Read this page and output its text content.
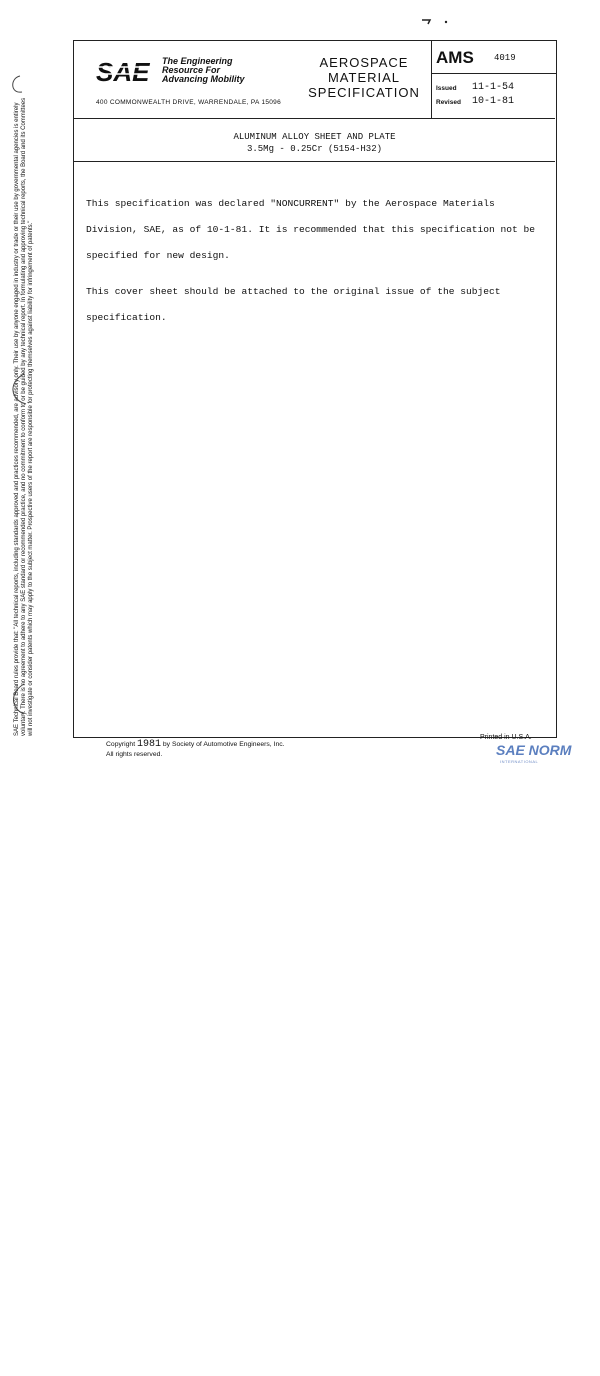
SAE The Engineering
Resource For
Advancing Mobility
400 COMMONWEALTH DRIVE, WARRENDALE, PA 15096
AEROSPACE
MATERIAL
SPECIFICATION
AMS 4019
Issued 11-1-54
Revised 10-1-81
ALUMINUM ALLOY SHEET AND PLATE
3.5Mg - 0.25Cr (5154-H32)

This specification was declared "NONCURRENT" by the Aerospace Materials Division, SAE, as of 10-1-81. It is recommended that this specification not be specified for new design.

This cover sheet should be attached to the original issue of the subject specification.

SAE Technical Board rules provide that: "All technical reports, including standards approved and practices recommended, are advisory only. Their use by anyone engaged in industry or trade or their use by governmental agencies is entirely voluntary. There is no agreement to adhere to any SAE standard or recommended practice, and no commitment to conform to or be guided by any technical report. In formulating and approving technical reports, the Board and its Committees will not investigate or consider patents which may apply to the subject matter. Prospective users of the report are responsible for protecting themselves against liability for infringement of patents."
Copyright 1981 by Society of Automotive Engineers, Inc.
All rights reserved.
Printed in U.S.A.
SAE NORM
INTERNATIONAL
